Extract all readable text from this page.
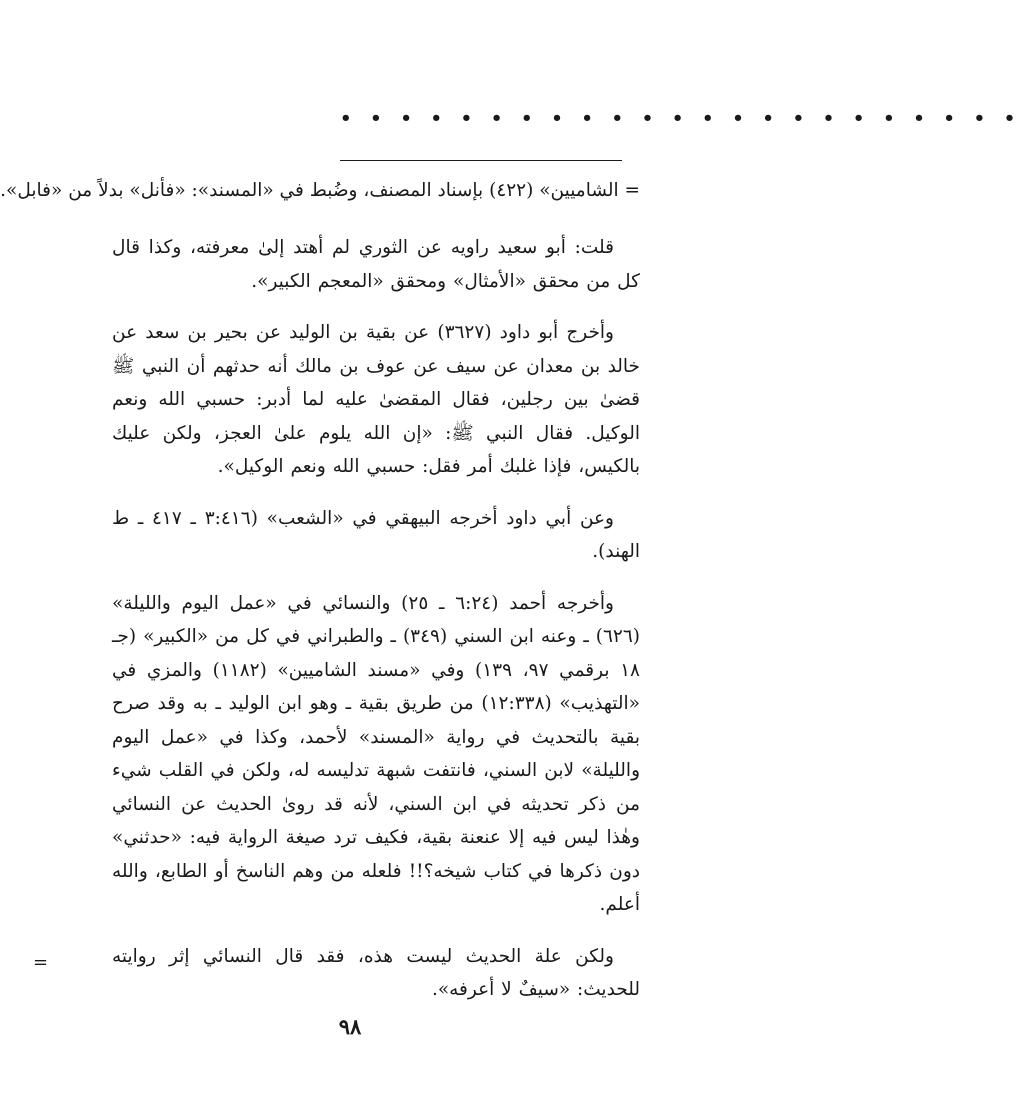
• • • • • • • • • • • • • • • • • • • • • • •
= الشاميين» (٤٢٢) بإسناد المصنف، وضُبط في «المسند»: «فأنل» بدلاً من «فابل».

قلت: أبو سعيد راويه عن الثوري لم أهتد إلىٰ معرفته، وكذا قال كل من محقق «الأمثال» ومحقق «المعجم الكبير».

وأخرج أبو داود (٣٦٢٧) عن بقية بن الوليد عن بحير بن سعد عن خالد بن معدان عن سيف عن عوف بن مالك أنه حدثهم أن النبي ﷺ قضىٰ بين رجلين، فقال المقضىٰ عليه لما أدبر: حسبي الله ونعم الوكيل. فقال النبي ﷺ: «إن الله يلوم علىٰ العجز، ولكن عليك بالكيس، فإذا غلبك أمر فقل: حسبي الله ونعم الوكيل».

وعن أبي داود أخرجه البيهقي في «الشعب» (٣:٤١٦ ـ ٤١٧ ـ ط الهند).

وأخرجه أحمد (٦:٢٤ ـ ٢٥) والنسائي في «عمل اليوم والليلة» (٦٢٦) ـ وعنه ابن السني (٣٤٩) ـ والطبراني في كل من «الكبير» (جـ ١٨ برقمي ٩٧، ١٣٩) وفي «مسند الشاميين» (١١٨٢) والمزي في «التهذيب» (١٢:٣٣٨) من طريق بقية ـ وهو ابن الوليد ـ به وقد صرح بقية بالتحديث في رواية «المسند» لأحمد، وكذا في «عمل اليوم والليلة» لابن السني، فانتفت شبهة تدليسه له، ولكن في القلب شيء من ذكر تحديثه في ابن السني، لأنه قد روىٰ الحديث عن النسائي وهٰذا ليس فيه إلا عنعنة بقية، فكيف ترد صيغة الرواية فيه: «حدثني» دون ذكرها في كتاب شيخه؟!! فلعله من وهم الناسخ أو الطابع، والله أعلم.

ولكن علة الحديث ليست هذه، فقد قال النسائي إثر روايته للحديث: «سيفٌ لا أعرفه».

=
٩٨
